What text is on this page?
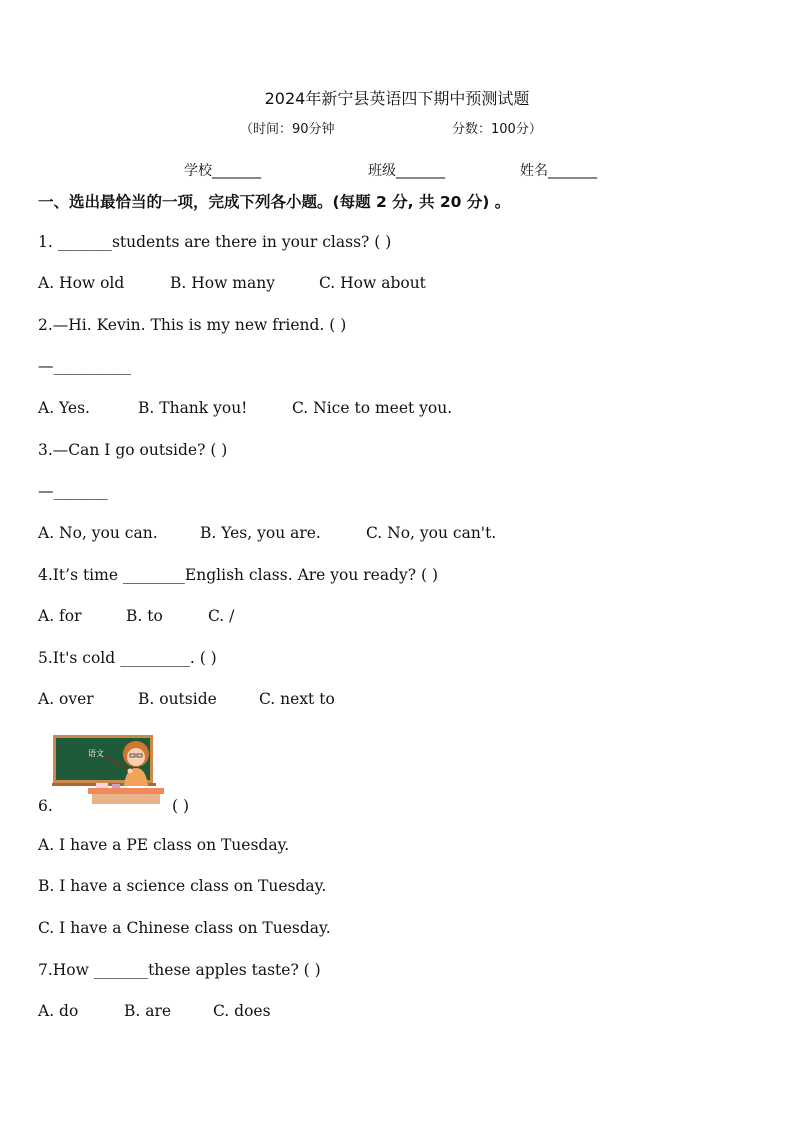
2024年新宁县英语四下期中预测试题
（时间：90分钟	分数：100分）
学校_______	班级_______	姓名_______
一、选出最恰当的一项，完成下列各小题。(每题 2 分, 共 20 分) 。
1. _______students are there in your class? ( )
A. How old	B. How many	C. How about
2.—Hi. Kevin. This is my new friend. ( )
—__________
A. Yes.	B. Thank you!	C. Nice to meet you.
3.—Can I go outside? ( )
—_______
A. No, you can.	B. Yes, you are.	C. No, you can't.
4.It’s time ________English class. Are you ready? ( )
A. for	B. to	C. /
5.It's cold _________. ( )
A. over	B. outside	C. next to
语文
6.	( )
A. I have a PE class on Tuesday.
B. I have a science class on Tuesday.
C. I have a Chinese class on Tuesday.
7.How _______these apples taste? ( )
A. do	B. are	C. does
